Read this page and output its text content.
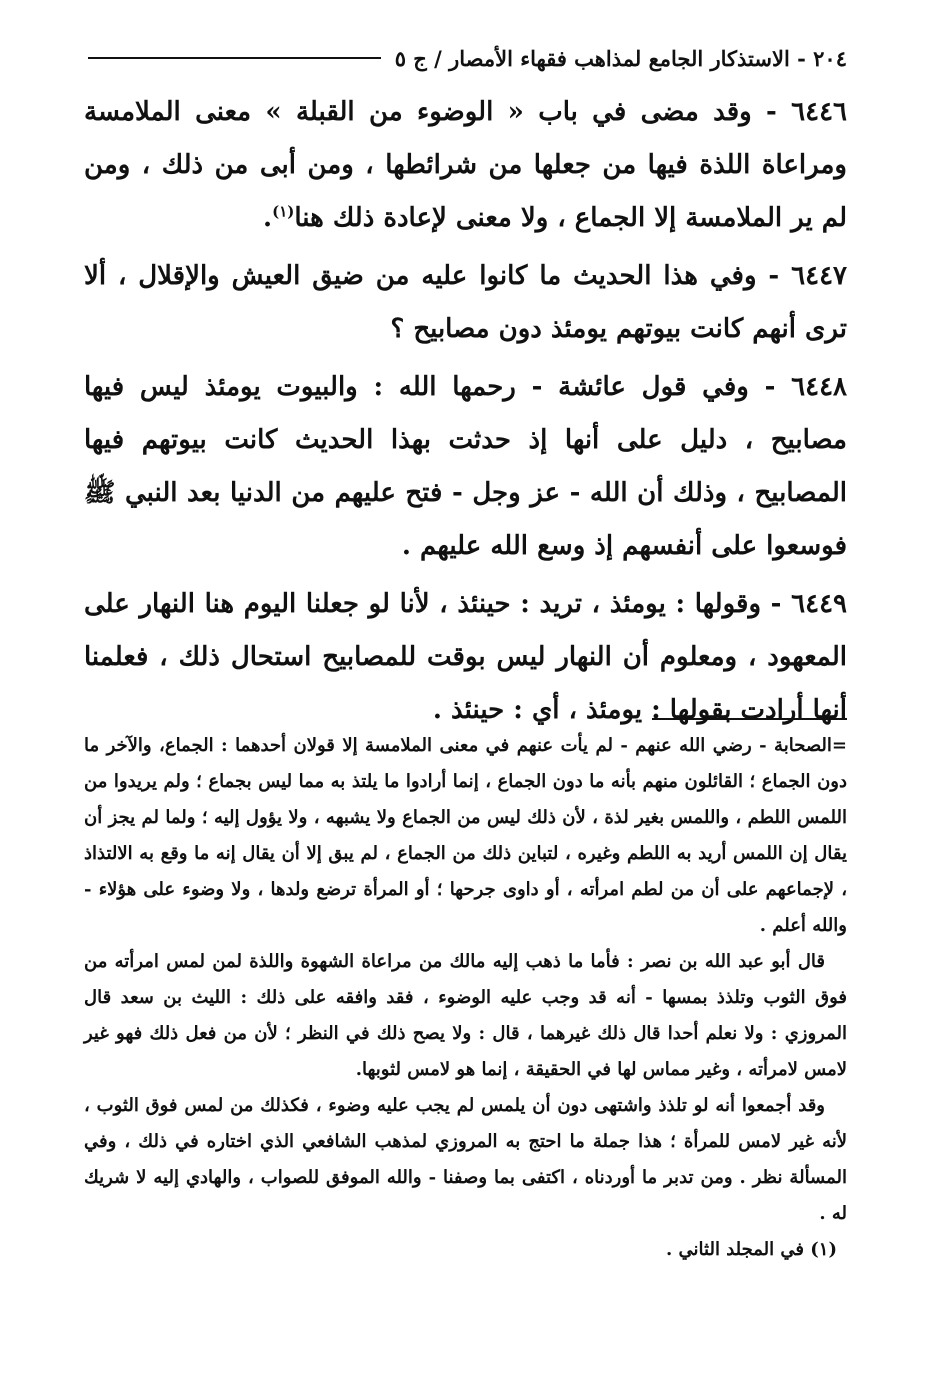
٢٠٤ - الاستذكار الجامع لمذاهب فقهاء الأمصار / ج ٥

٦٤٤٦ - وقد مضى في باب « الوضوء من القبلة » معنى الملامسة ومراعاة اللذة فيها من جعلها من شرائطها ، ومن أبى من ذلك ، ومن لم ير الملامسة إلا الجماع ، ولا معنى لإعادة ذلك هنا$^{(١)}$.

٦٤٤٧ - وفي هذا الحديث ما كانوا عليه من ضيق العيش والإقلال ، ألا ترى أنهم كانت بيوتهم يومئذ دون مصابيح ؟

٦٤٤٨ - وفي قول عائشة - رحمها الله : والبيوت يومئذ ليس فيها مصابيح ، دليل على أنها إذ حدثت بهذا الحديث كانت بيوتهم فيها المصابيح ، وذلك أن الله - عز وجل - فتح عليهم من الدنيا بعد النبي ﷺ فوسعوا على أنفسهم إذ وسع الله عليهم .

٦٤٤٩ - وقولها : يومئذ ، تريد : حينئذ ، لأنا لو جعلنا اليوم هنا النهار على المعهود ، ومعلوم أن النهار ليس بوقت للمصابيح استحال ذلك ، فعلمنا أنها أرادت بقولها : يومئذ ، أي : حينئذ .

=الصحابة - رضي الله عنهم - لم يأت عنهم في معنى الملامسة إلا قولان أحدهما : الجماع، والآخر ما دون الجماع ؛ القائلون منهم بأنه ما دون الجماع ، إنما أرادوا ما يلتذ به مما ليس بجماع ؛ ولم يريدوا من اللمس اللطم ، واللمس بغير لذة ، لأن ذلك ليس من الجماع ولا يشبهه ، ولا يؤول إليه ؛ ولما لم يجز أن يقال إن اللمس أريد به اللطم وغيره ، لتباين ذلك من الجماع ، لم يبق إلا أن يقال إنه ما وقع به الالتذاذ ، لإجماعهم على أن من لطم امرأته ، أو داوى جرحها ؛ أو المرأة ترضع ولدها ، ولا وضوء على هؤلاء - والله أعلم .

قال أبو عبد الله بن نصر : فأما ما ذهب إليه مالك من مراعاة الشهوة واللذة لمن لمس امرأته من فوق الثوب وتلذذ بمسها - أنه قد وجب عليه الوضوء ، فقد وافقه على ذلك : الليث بن سعد قال المروزي : ولا نعلم أحدا قال ذلك غيرهما ، قال : ولا يصح ذلك في النظر ؛ لأن من فعل ذلك فهو غير لامس لامرأته ، وغير مماس لها في الحقيقة ، إنما هو لامس لثوبها.

وقد أجمعوا أنه لو تلذذ واشتهى دون أن يلمس لم يجب عليه وضوء ، فكذلك من لمس فوق الثوب ، لأنه غير لامس للمرأة ؛ هذا جملة ما احتج به المروزي لمذهب الشافعي الذي اختاره في ذلك ، وفي المسألة نظر . ومن تدبر ما أوردناه ، اكتفى بما وصفنا - والله الموفق للصواب ، والهادي إليه لا شريك له .

(١) في المجلد الثاني .
